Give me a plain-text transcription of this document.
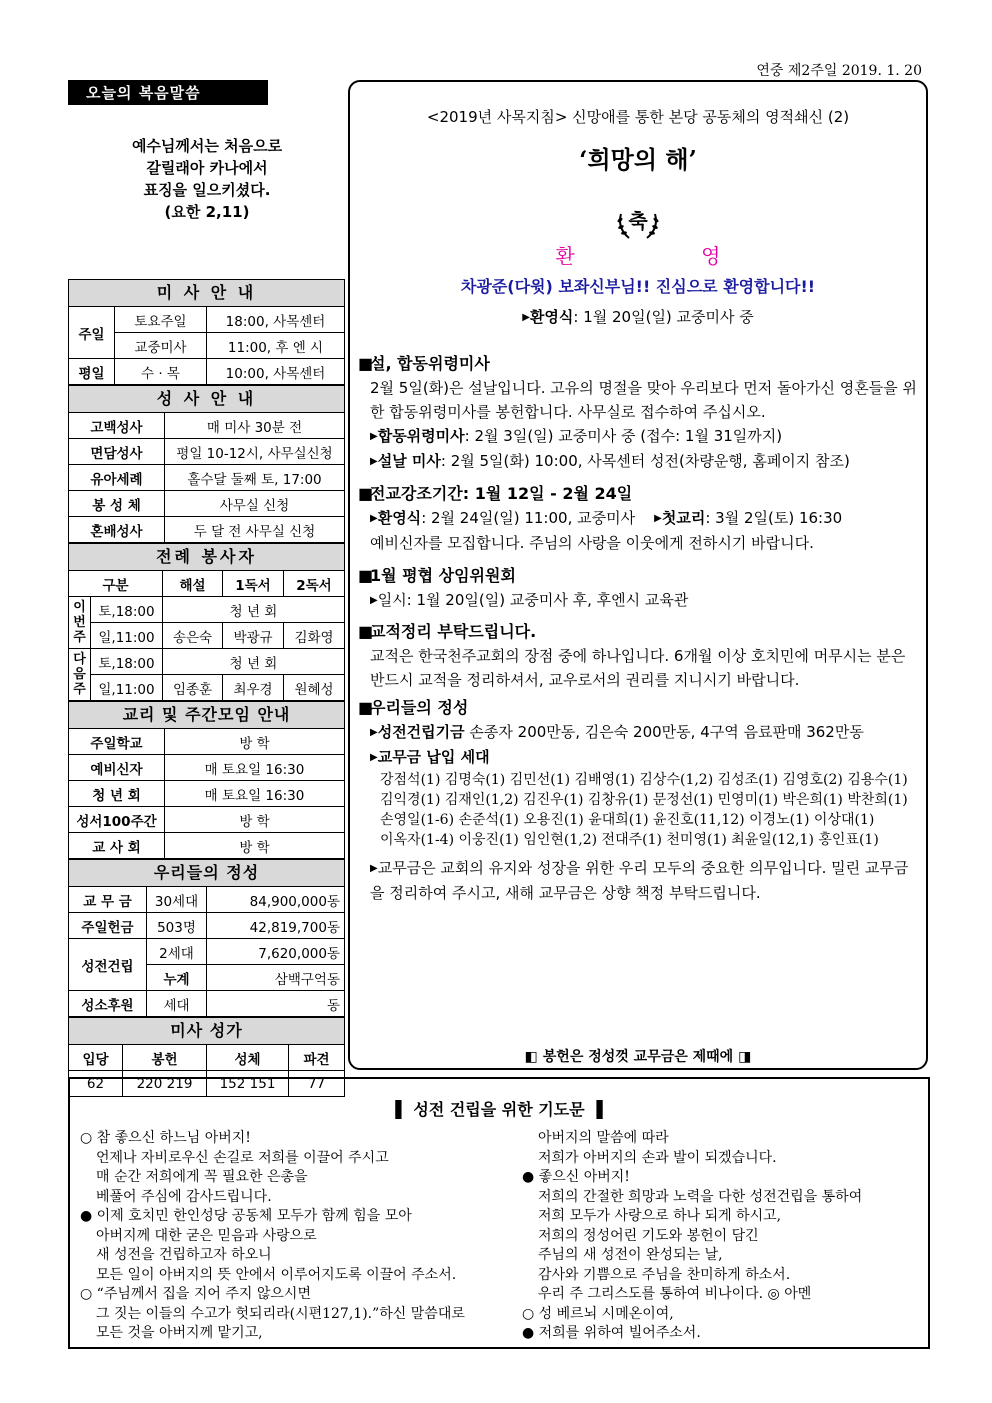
연중 제2주일 2019. 1. 20
오늘의 복음말씀
예수님께서는 처음으로
갈릴래아 카나에서
표징을 일으키셨다.
(요한 2,11)
미 사 안 내
주일	토요주일	18:00, 사목센터
	교중미사	11:00, 후 엔 시
평일	수 · 목	10:00, 사목센터
성 사 안 내
고백성사	매 미사 30분 전
면담성사	평일 10-12시, 사무실신청
유아세례	홀수달 둘째 토, 17:00
봉 성 체	사무실 신청
혼배성사	두 달 전 사무실 신청
전례 봉사자
구분		해설	1독서	2독서
이번주	토,18:00	청 년 회		
	일,11:00	송은숙	박광규	김화영
다음주	토,18:00	청 년 회		
	일,11:00	임종훈	최우경	원혜성
교리 및 주간모임 안내
주일학교	방 학
예비신자	매 토요일 16:30
청 년 회	매 토요일 16:30
성서100주간	방 학
교 사 회	방 학
우리들의 정성
교 무 금	30세대	84,900,000동
주일헌금	503명	42,819,700동
성전건립	2세대	7,620,000동
	누계	삼백구억동
성소후원	세대	동
미사 성가
입당	봉헌	성체	파견
62	220 219	152 151	77
<2019년 사목지침> 신망애를 통한 본당 공동체의 영적쇄신 (2)
‘희망의 해’
축
환 영
차광준(다윗) 보좌신부님!! 진심으로 환영합니다!!
▶환영식: 1월 20일(일) 교중미사 중
■설, 합동위령미사
2월 5일(화)은 설날입니다. 고유의 명절을 맞아 우리보다 먼저 돌아가신 영혼들을 위한 합동위령미사를 봉헌합니다. 사무실로 접수하여 주십시오.
▶합동위령미사: 2월 3일(일) 교중미사 중 (접수: 1월 31일까지)
▶설날 미사: 2월 5일(화) 10:00, 사목센터 성전(차량운행, 홈페이지 참조)
■전교강조기간: 1월 12일 - 2월 24일
▶환영식: 2월 24일(일) 11:00, 교중미사 ▶첫교리: 3월 2일(토) 16:30
예비신자를 모집합니다. 주님의 사랑을 이웃에게 전하시기 바랍니다.
■1월 평협 상임위원회
▶일시: 1월 20일(일) 교중미사 후, 후엔시 교육관
■교적정리 부탁드립니다.
교적은 한국천주교회의 장점 중에 하나입니다. 6개월 이상 호치민에 머무시는 분은 반드시 교적을 정리하셔서, 교우로서의 권리를 지니시기 바랍니다.
■우리들의 정성
▶성전건립기금 손종자 200만동, 김은숙 200만동, 4구역 음료판매 362만동
▶교무금 납입 세대
강점석(1) 김명숙(1) 김민선(1) 김배영(1) 김상수(1,2) 김성조(1) 김영호(2) 김용수(1)
김익경(1) 김재인(1,2) 김진우(1) 김창유(1) 문정선(1) 민영미(1) 박은희(1) 박찬희(1)
손영일(1-6) 손준석(1) 오용진(1) 윤대희(1) 윤진호(11,12) 이경노(1) 이상대(1)
이옥자(1-4) 이웅진(1) 임인현(1,2) 전대주(1) 천미영(1) 최윤일(12,1) 홍인표(1)
▶교무금은 교회의 유지와 성장을 위한 우리 모두의 중요한 의무입니다. 밀린 교무금을 정리하여 주시고, 새해 교무금은 상향 책정 부탁드립니다.
◧ 봉헌은 정성껏 교무금은 제때에 ◨
▌ 성전 건립을 위한 기도문 ▐
○ 참 좋으신 하느님 아버지!
언제나 자비로우신 손길로 저희를 이끌어 주시고
매 순간 저희에게 꼭 필요한 은총을
베풀어 주심에 감사드립니다.
● 이제 호치민 한인성당 공동체 모두가 함께 힘을 모아
아버지께 대한 굳은 믿음과 사랑으로
새 성전을 건립하고자 하오니
모든 일이 아버지의 뜻 안에서 이루어지도록 이끌어 주소서.
○ “주님께서 집을 지어 주지 않으시면
그 짓는 이들의 수고가 헛되리라(시편127,1).”하신 말씀대로
모든 것을 아버지께 맡기고,
아버지의 말씀에 따라
저희가 아버지의 손과 발이 되겠습니다.
● 좋으신 아버지!
저희의 간절한 희망과 노력을 다한 성전건립을 통하여
저희 모두가 사랑으로 하나 되게 하시고,
저희의 정성어린 기도와 봉헌이 담긴
주님의 새 성전이 완성되는 날,
감사와 기쁨으로 주님을 찬미하게 하소서.
우리 주 그리스도를 통하여 비나이다. ◎ 아멘
○ 성 베르뇌 시메온이여,
● 저희를 위하여 빌어주소서.
